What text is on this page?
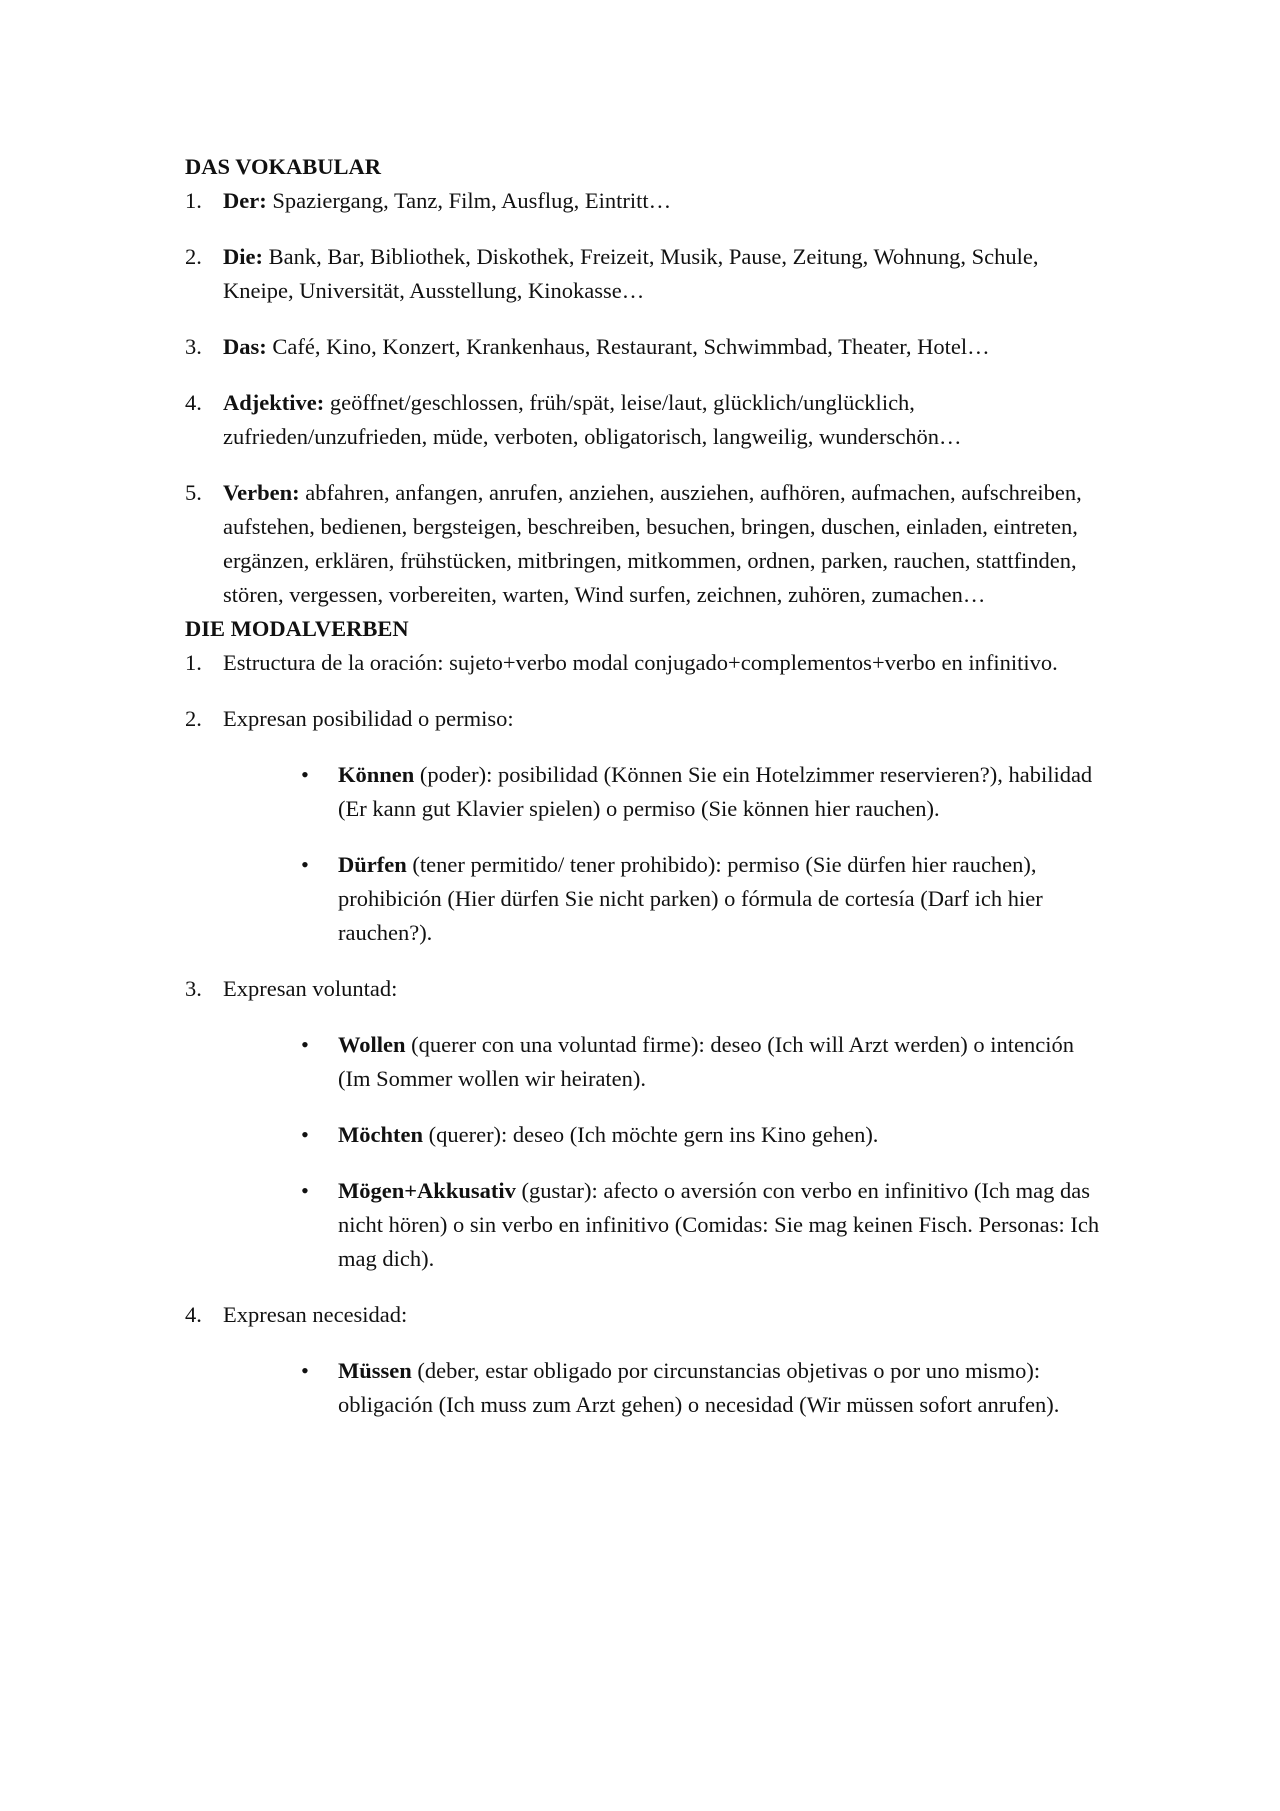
DAS VOKABULAR
1. Der: Spaziergang, Tanz, Film, Ausflug, Eintritt…
2. Die: Bank, Bar, Bibliothek, Diskothek, Freizeit, Musik, Pause, Zeitung, Wohnung, Schule, Kneipe, Universität, Ausstellung, Kinokasse…
3. Das: Café, Kino, Konzert, Krankenhaus, Restaurant, Schwimmbad, Theater, Hotel…
4. Adjektive: geöffnet/geschlossen, früh/spät, leise/laut, glücklich/unglücklich, zufrieden/unzufrieden, müde, verboten, obligatorisch, langweilig, wunderschön…
5. Verben: abfahren, anfangen, anrufen, anziehen, ausziehen, aufhören, aufmachen, aufschreiben, aufstehen, bedienen, bergsteigen, beschreiben, besuchen, bringen, duschen, einladen, eintreten, ergänzen, erklären, frühstücken, mitbringen, mitkommen, ordnen, parken, rauchen, stattfinden, stören, vergessen, vorbereiten, warten, Wind surfen, zeichnen, zuhören, zumachen…
DIE MODALVERBEN
1. Estructura de la oración: sujeto+verbo modal conjugado+complementos+verbo en infinitivo.
2. Expresan posibilidad o permiso:
• Können (poder): posibilidad (Können Sie ein Hotelzimmer reservieren?), habilidad (Er kann gut Klavier spielen) o permiso (Sie können hier rauchen).
• Dürfen (tener permitido/ tener prohibido): permiso (Sie dürfen hier rauchen), prohibición (Hier dürfen Sie nicht parken) o fórmula de cortesía (Darf ich hier rauchen?).
3. Expresan voluntad:
• Wollen (querer con una voluntad firme): deseo (Ich will Arzt werden) o intención (Im Sommer wollen wir heiraten).
• Möchten (querer): deseo (Ich möchte gern ins Kino gehen).
• Mögen+Akkusativ (gustar): afecto o aversión con verbo en infinitivo (Ich mag das nicht hören) o sin verbo en infinitivo (Comidas: Sie mag keinen Fisch. Personas: Ich mag dich).
4. Expresan necesidad:
• Müssen (deber, estar obligado por circunstancias objetivas o por uno mismo): obligación (Ich muss zum Arzt gehen) o necesidad (Wir müssen sofort anrufen).
